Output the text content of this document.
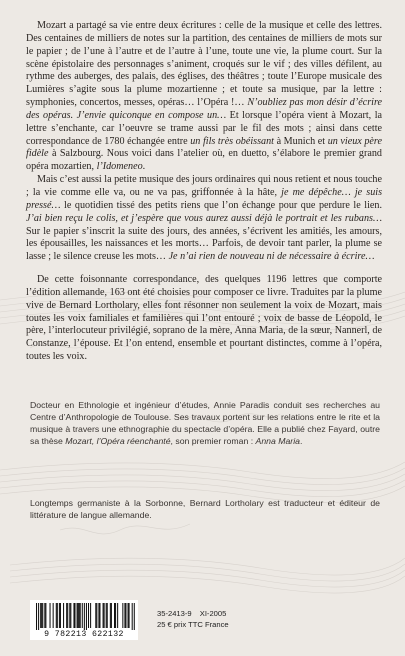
Mozart a partagé sa vie entre deux écritures : celle de la musique et celle des lettres. Des centaines de milliers de notes sur la partition, des centaines de milliers de mots sur le papier ; de l’une à l’autre et de l’autre à l’une, toute une vie, la plume court. Sur la scène épistolaire des personnages s’animent, croqués sur le vif ; des villes défilent, au rythme des auberges, des palais, des églises, des théâtres ; toute l’Europe musicale des Lumières s’agite sous la plume mozartienne ; et toute sa musique, par la lettre : symphonies, concertos, messes, opéras… l’Opéra !… N’oubliez pas mon désir d’écrire des opéras. J’envie quiconque en compose un… Et lorsque l’opéra vient à Mozart, la lettre s’enchante, car l’oeuvre se trame aussi par le fil des mots ; ainsi dans cette correspondance de 1780 échangée entre un fils très obéissant à Munich et un vieux père fidèle à Salzbourg. Nous voici dans l’atelier où, en duetto, s’élabore le premier grand opéra mozartien, l’Idomeneo.

Mais c’est aussi la petite musique des jours ordinaires qui nous retient et nous touche ; la vie comme elle va, ou ne va pas, griffonnée à la hâte, je me dépêche… je suis pressé… le quotidien tissé des petits riens que l’on échange pour que perdure le lien. J’ai bien reçu le colis, et j’espère que vous aurez aussi déjà le portrait et les rubans… Sur le papier s’inscrit la suite des jours, des années, s’écrivent les amitiés, les amours, les épousailles, les naissances et les morts… Parfois, de devoir tant parler, la plume se lasse ; le silence creuse les mots… Je n’ai rien de nouveau ni de nécessaire à écrire…

De cette foisonnante correspondance, des quelques 1196 lettres que comporte l’édition allemande, 163 ont été choisies pour composer ce livre. Traduites par la plume vive de Bernard Lortholary, elles font résonner non seulement la voix de Mozart, mais toutes les voix familiales et familières qui l’ont entouré ; voix de basse de Léopold, le père, l’interlocuteur privilégié, soprano de la mère, Anna Maria, de la sœur, Nannerl, de Constanze, l’épouse. Et l’on entend, ensemble et pourtant distinctes, comme à l’opéra, toutes les voix.

Docteur en Ethnologie et ingénieur d’études, Annie Paradis conduit ses recherches au Centre d’Anthropologie de Toulouse. Ses travaux portent sur les relations entre le rite et la musique à travers une ethnographie du spectacle d’opéra. Elle a publié chez Fayard, outre sa thèse Mozart, l’Opéra réenchanté, son premier roman : Anna Maria.

Longtemps germaniste à la Sorbonne, Bernard Lortholary est traducteur et éditeur de littérature de langue allemande.

9 782213 622132
35-2413-9 XI-2005
25 € prix TTC France
